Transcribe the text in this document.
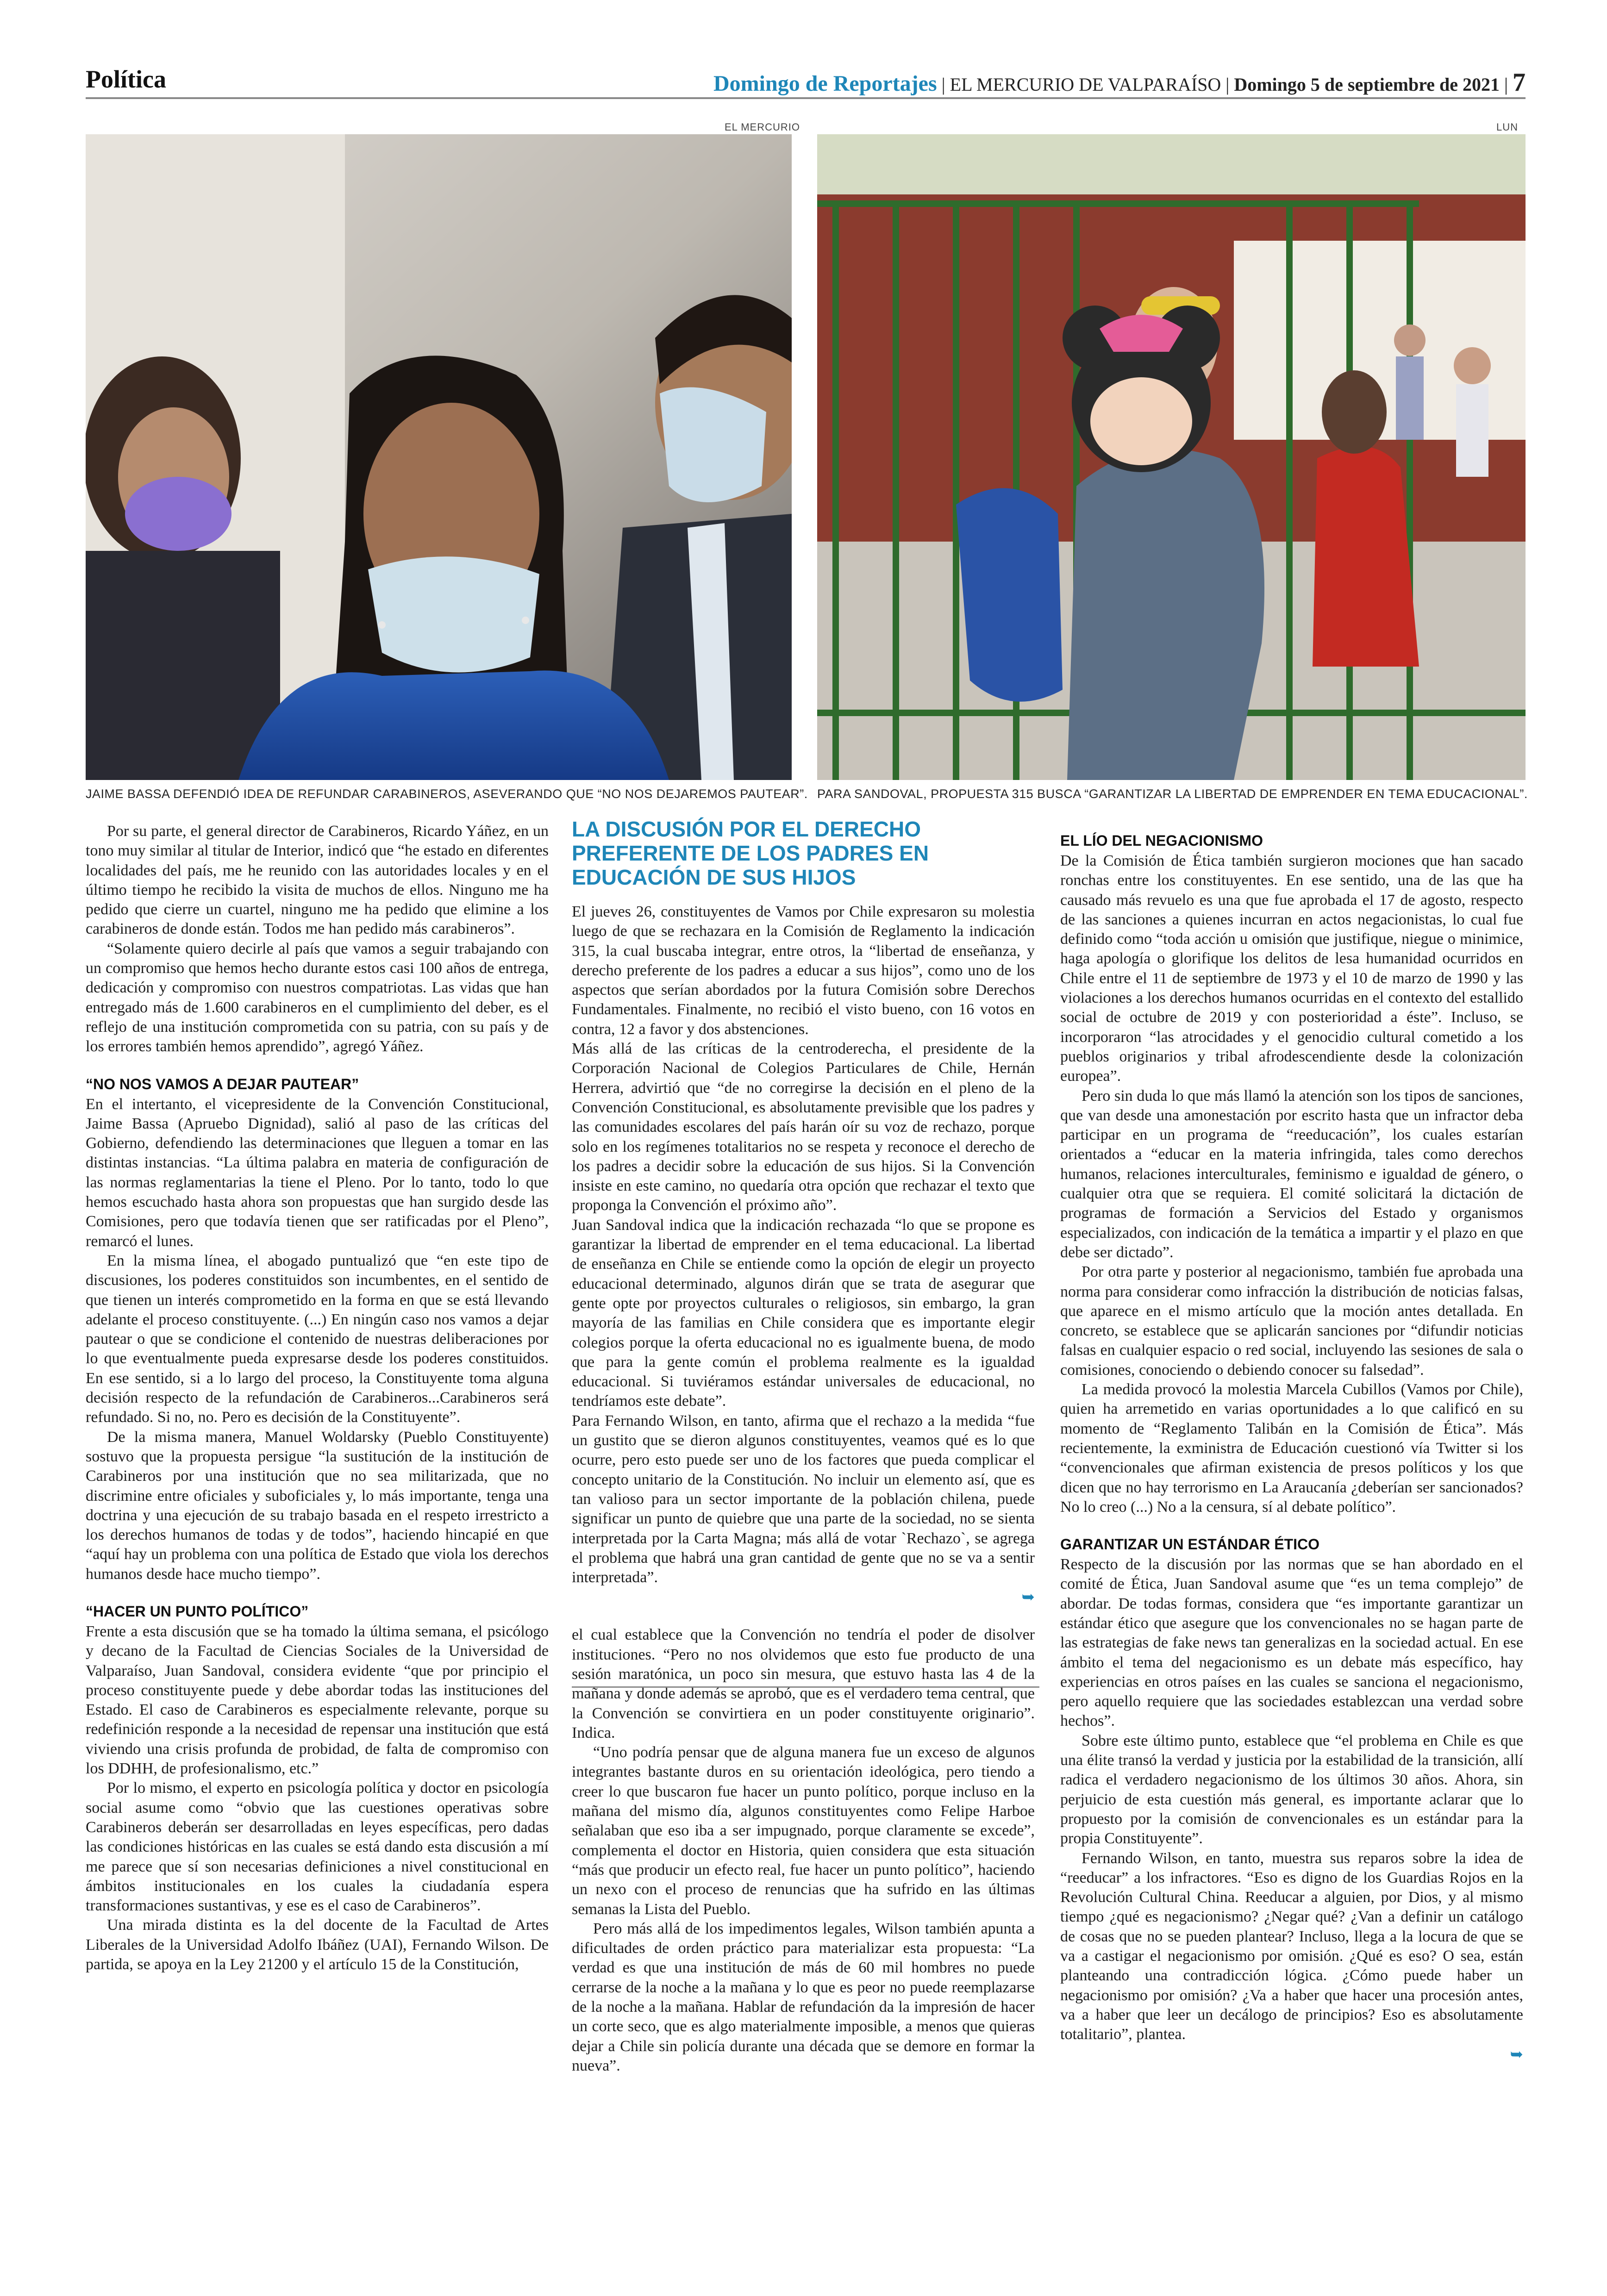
Política	Domingo de Reportajes | EL MERCURIO DE VALPARAÍSO | Domingo 5 de septiembre de 2021 | 7
EL MERCURIO
JAIME BASSA DEFENDIÓ IDEA DE REFUNDAR CARABINEROS, ASEVERANDO QUE “NO NOS DEJAREMOS PAUTEAR”.
LUN
PARA SANDOVAL, PROPUESTA 315 BUSCA “GARANTIZAR LA LIBERTAD DE EMPRENDER EN TEMA EDUCACIONAL”.

Por su parte, el general director de Carabineros, Ricardo Yáñez, en un tono muy similar al titular de Interior, indicó que “he estado en diferentes localidades del país, me he reunido con las autoridades locales y en el último tiempo he recibido la visita de muchos de ellos. Ninguno me ha pedido que cierre un cuartel, ninguno me ha pedido que elimine a los carabineros de donde están. Todos me han pedido más carabineros”.

“Solamente quiero decirle al país que vamos a seguir trabajando con un compromiso que hemos hecho durante estos casi 100 años de entrega, dedicación y compromiso con nuestros compatriotas. Las vidas que han entregado más de 1.600 carabineros en el cumplimiento del deber, es el reflejo de una institución comprometida con su patria, con su país y de los errores también hemos aprendido”, agregó Yáñez.

“NO NOS VAMOS A DEJAR PAUTEAR”

En el intertanto, el vicepresidente de la Convención Constitucional, Jaime Bassa (Apruebo Dignidad), salió al paso de las críticas del Gobierno, defendiendo las determinaciones que lleguen a tomar en las distintas instancias. “La última palabra en materia de configuración de las normas reglamentarias la tiene el Pleno. Por lo tanto, todo lo que hemos escuchado hasta ahora son propuestas que han surgido desde las Comisiones, pero que todavía tienen que ser ratificadas por el Pleno”, remarcó el lunes.

En la misma línea, el abogado puntualizó que “en este tipo de discusiones, los poderes constituidos son incumbentes, en el sentido de que tienen un interés comprometido en la forma en que se está llevando adelante el proceso constituyente. (...) En ningún caso nos vamos a dejar pautear o que se condicione el contenido de nuestras deliberaciones por lo que eventualmente pueda expresarse desde los poderes constituidos. En ese sentido, si a lo largo del proceso, la Constituyente toma alguna decisión respecto de la refundación de Carabineros...Carabineros será refundado. Si no, no. Pero es decisión de la Constituyente”.

De la misma manera, Manuel Woldarsky (Pueblo Constituyente) sostuvo que la propuesta persigue “la sustitución de la institución de Carabineros por una institución que no sea militarizada, que no discrimine entre oficiales y suboficiales y, lo más importante, tenga una doctrina y una ejecución de su trabajo basada en el respeto irrestricto a los derechos humanos de todas y de todos”, haciendo hincapié en que “aquí hay un problema con una política de Estado que viola los derechos humanos desde hace mucho tiempo”.

“HACER UN PUNTO POLÍTICO”

Frente a esta discusión que se ha tomado la última semana, el psicólogo y decano de la Facultad de Ciencias Sociales de la Universidad de Valparaíso, Juan Sandoval, considera evidente “que por principio el proceso constituyente puede y debe abordar todas las instituciones del Estado. El caso de Carabineros es especialmente relevante, porque su redefinición responde a la necesidad de repensar una institución que está viviendo una crisis profunda de probidad, de falta de compromiso con los DDHH, de profesionalismo, etc.”

Por lo mismo, el experto en psicología política y doctor en psicología social asume como “obvio que las cuestiones operativas sobre Carabineros deberán ser desarrolladas en leyes específicas, pero dadas las condiciones históricas en las cuales se está dando esta discusión a mí me parece que sí son necesarias definiciones a nivel constitucional en ámbitos institucionales en los cuales la ciudadanía espera transformaciones sustantivas, y ese es el caso de Carabineros”.

Una mirada distinta es la del docente de la Facultad de Artes Liberales de la Universidad Adolfo Ibáñez (UAI), Fernando Wilson. De partida, se apoya en la Ley 21200 y el artículo 15 de la Constitución,

LA DISCUSIÓN POR EL DERECHO PREFERENTE DE LOS PADRES EN EDUCACIÓN DE SUS HIJOS

El jueves 26, constituyentes de Vamos por Chile expresaron su molestia luego de que se rechazara en la Comisión de Reglamento la indicación 315, la cual buscaba integrar, entre otros, la “libertad de enseñanza, y derecho preferente de los padres a educar a sus hijos”, como uno de los aspectos que serían abordados por la futura Comisión sobre Derechos Fundamentales. Finalmente, no recibió el visto bueno, con 16 votos en contra, 12 a favor y dos abstenciones.

Más allá de las críticas de la centroderecha, el presidente de la Corporación Nacional de Colegios Particulares de Chile, Hernán Herrera, advirtió que “de no corregirse la decisión en el pleno de la Convención Constitucional, es absolutamente previsible que los padres y las comunidades escolares del país harán oír su voz de rechazo, porque solo en los regímenes totalitarios no se respeta y reconoce el derecho de los padres a decidir sobre la educación de sus hijos. Si la Convención insiste en este camino, no quedaría otra opción que rechazar el texto que proponga la Convención el próximo año”.

Juan Sandoval indica que la indicación rechazada “lo que se propone es garantizar la libertad de emprender en el tema educacional. La libertad de enseñanza en Chile se entiende como la opción de elegir un proyecto educacional determinado, algunos dirán que se trata de asegurar que gente opte por proyectos culturales o religiosos, sin embargo, la gran mayoría de las familias en Chile considera que es importante elegir colegios porque la oferta educacional no es igualmente buena, de modo que para la gente común el problema realmente es la igualdad educacional. Si tuviéramos estándar universales de educacional, no tendríamos este debate”.

Para Fernando Wilson, en tanto, afirma que el rechazo a la medida “fue un gustito que se dieron algunos constituyentes, veamos qué es lo que ocurre, pero esto puede ser uno de los factores que pueda complicar el concepto unitario de la Constitución. No incluir un elemento así, que es tan valioso para un sector importante de la población chilena, puede significar un punto de quiebre que una parte de la sociedad, no se sienta interpretada por la Carta Magna; más allá de votar `Rechazo`, se agrega el problema que habrá una gran cantidad de gente que no se va a sentir interpretada”.

➥

el cual establece que la Convención no tendría el poder de disolver instituciones. “Pero no nos olvidemos que esto fue producto de una sesión maratónica, un poco sin mesura, que estuvo hasta las 4 de la mañana y donde además se aprobó, que es el verdadero tema central, que la Convención se convirtiera en un poder constituyente originario”. Indica.

“Uno podría pensar que de alguna manera fue un exceso de algunos integrantes bastante duros en su orientación ideológica, pero tiendo a creer lo que buscaron fue hacer un punto político, porque incluso en la mañana del mismo día, algunos constituyentes como Felipe Harboe señalaban que eso iba a ser impugnado, porque claramente se excede”, complementa el doctor en Historia, quien considera que esta situación “más que producir un efecto real, fue hacer un punto político”, haciendo un nexo con el proceso de renuncias que ha sufrido en las últimas semanas la Lista del Pueblo.

Pero más allá de los impedimentos legales, Wilson también apunta a dificultades de orden práctico para materializar esta propuesta: “La verdad es que una institución de más de 60 mil hombres no puede cerrarse de la noche a la mañana y lo que es peor no puede reemplazarse de la noche a la mañana. Hablar de refundación da la impresión de hacer un corte seco, que es algo materialmente imposible, a menos que quieras dejar a Chile sin policía durante una década que se demore en formar la nueva”.

EL LÍO DEL NEGACIONISMO

De la Comisión de Ética también surgieron mociones que han sacado ronchas entre los constituyentes. En ese sentido, una de las que ha causado más revuelo es una que fue aprobada el 17 de agosto, respecto de las sanciones a quienes incurran en actos negacionistas, lo cual fue definido como “toda acción u omisión que justifique, niegue o minimice, haga apología o glorifique los delitos de lesa humanidad ocurridos en Chile entre el 11 de septiembre de 1973 y el 10 de marzo de 1990 y las violaciones a los derechos humanos ocurridas en el contexto del estallido social de octubre de 2019 y con posterioridad a éste”. Incluso, se incorporaron “las atrocidades y el genocidio cultural cometido a los pueblos originarios y tribal afrodescendiente desde la colonización europea”.

Pero sin duda lo que más llamó la atención son los tipos de sanciones, que van desde una amonestación por escrito hasta que un infractor deba participar en un programa de “reeducación”, los cuales estarían orientados a “educar en la materia infringida, tales como derechos humanos, relaciones interculturales, feminismo e igualdad de género, o cualquier otra que se requiera. El comité solicitará la dictación de programas de formación a Servicios del Estado y organismos especializados, con indicación de la temática a impartir y el plazo en que debe ser dictado”.

Por otra parte y posterior al negacionismo, también fue aprobada una norma para considerar como infracción la distribución de noticias falsas, que aparece en el mismo artículo que la moción antes detallada. En concreto, se establece que se aplicarán sanciones por “difundir noticias falsas en cualquier espacio o red social, incluyendo las sesiones de sala o comisiones, conociendo o debiendo conocer su falsedad”.

La medida provocó la molestia Marcela Cubillos (Vamos por Chile), quien ha arremetido en varias oportunidades a lo que calificó en su momento de “Reglamento Talibán en la Comisión de Ética”. Más recientemente, la exministra de Educación cuestionó vía Twitter si los “convencionales que afirman existencia de presos políticos y los que dicen que no hay terrorismo en La Araucanía ¿deberían ser sancionados? No lo creo (...) No a la censura, sí al debate político”.

GARANTIZAR UN ESTÁNDAR ÉTICO

Respecto de la discusión por las normas que se han abordado en el comité de Ética, Juan Sandoval asume que “es un tema complejo” de abordar. De todas formas, considera que “es importante garantizar un estándar ético que asegure que los convencionales no se hagan parte de las estrategias de fake news tan generalizas en la sociedad actual. En ese ámbito el tema del negacionismo es un debate más específico, hay experiencias en otros países en las cuales se sanciona el negacionismo, pero aquello requiere que las sociedades establezcan una verdad sobre hechos”.

Sobre este último punto, establece que “el problema en Chile es que una élite transó la verdad y justicia por la estabilidad de la transición, allí radica el verdadero negacionismo de los últimos 30 años. Ahora, sin perjuicio de esta cuestión más general, es importante aclarar que lo propuesto por la comisión de convencionales es un estándar para la propia Constituyente”.

Fernando Wilson, en tanto, muestra sus reparos sobre la idea de “reeducar” a los infractores. “Eso es digno de los Guardias Rojos en la Revolución Cultural China. Reeducar a alguien, por Dios, y al mismo tiempo ¿qué es negacionismo? ¿Negar qué? ¿Van a definir un catálogo de cosas que no se pueden plantear? Incluso, llega a la locura de que se va a castigar el negacionismo por omisión. ¿Qué es eso? O sea, están planteando una contradicción lógica. ¿Cómo puede haber un negacionismo por omisión? ¿Va a haber que hacer una procesión antes, va a haber que leer un decálogo de principios? Eso es absolutamente totalitario”, plantea.

➥
